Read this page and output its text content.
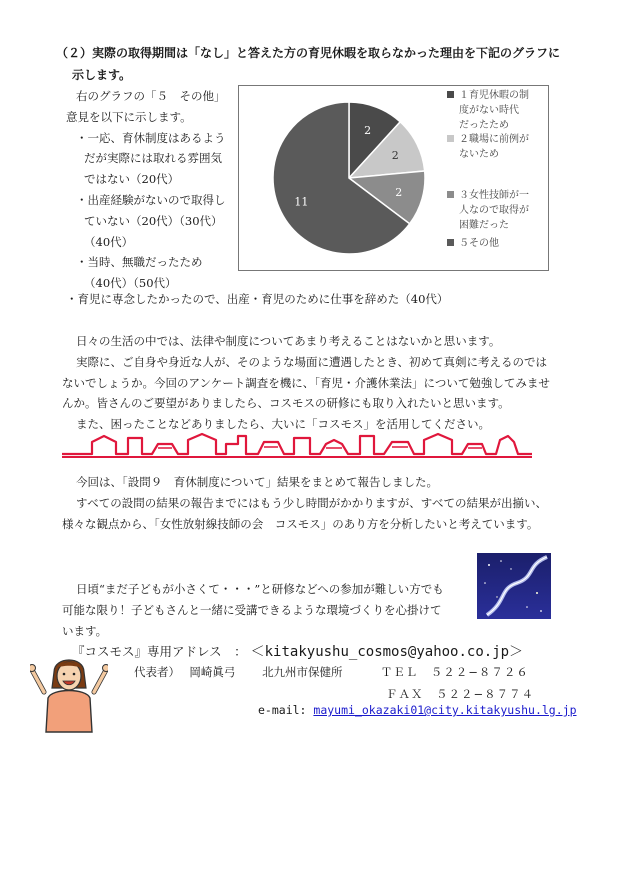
（２）実際の取得期間は「なし」と答えた方の育児休暇を取らなかった理由を下記のグラフに
示します。
右のグラフの「５　その他」
意見を以下に示します。
・一応、育休制度はあるよう
だが実際には取れる雰囲気
ではない（20代）
・出産経験がないので取得し
ていない（20代）（30代）
（40代）
・当時、無職だったため
（40代）（50代）
2
2
2
11
１育児休暇の制
度がない時代
だったため
２職場に前例が
ないため
３女性技師が一
人なので取得が
困難だった
５その他
・育児に専念したかったので、出産・育児のために仕事を辞めた（40代）
日々の生活の中では、法律や制度についてあまり考えることはないかと思います。
実際に、ご自身や身近な人が、そのような場面に遭遇したとき、初めて真剣に考えるのでは
ないでしょうか。今回のアンケート調査を機に、「育児・介護休業法」について勉強してみませ
んか。皆さんのご要望がありましたら、コスモスの研修にも取り入れたいと思います。
また、困ったことなどありましたら、大いに「コスモス」を活用してください。
今回は、「設問９　育休制度について」結果をまとめて報告しました。
すべての設問の結果の報告までにはもう少し時間がかかりますが、すべての結果が出揃い、
様々な観点から、「女性放射線技師の会　コスモス」のあり方を分析したいと考えています。
日頃“まだ子どもが小さくて・・・”と研修などへの参加が難しい方でも
可能な限り！子どもさんと一緒に受講できるような環境づくりを心掛けて
います。
『コスモス』専用アドレス　： ＜kitakyushu_cosmos@yahoo.co.jp＞
代表者）　 岡崎眞弓　　 北九州市保健所　　　	ＴＥＬ　５２２−８７２６
ＦＡＸ　５２２−８７７４
e-mail: mayumi_okazaki01@city.kitakyushu.lg.jp
